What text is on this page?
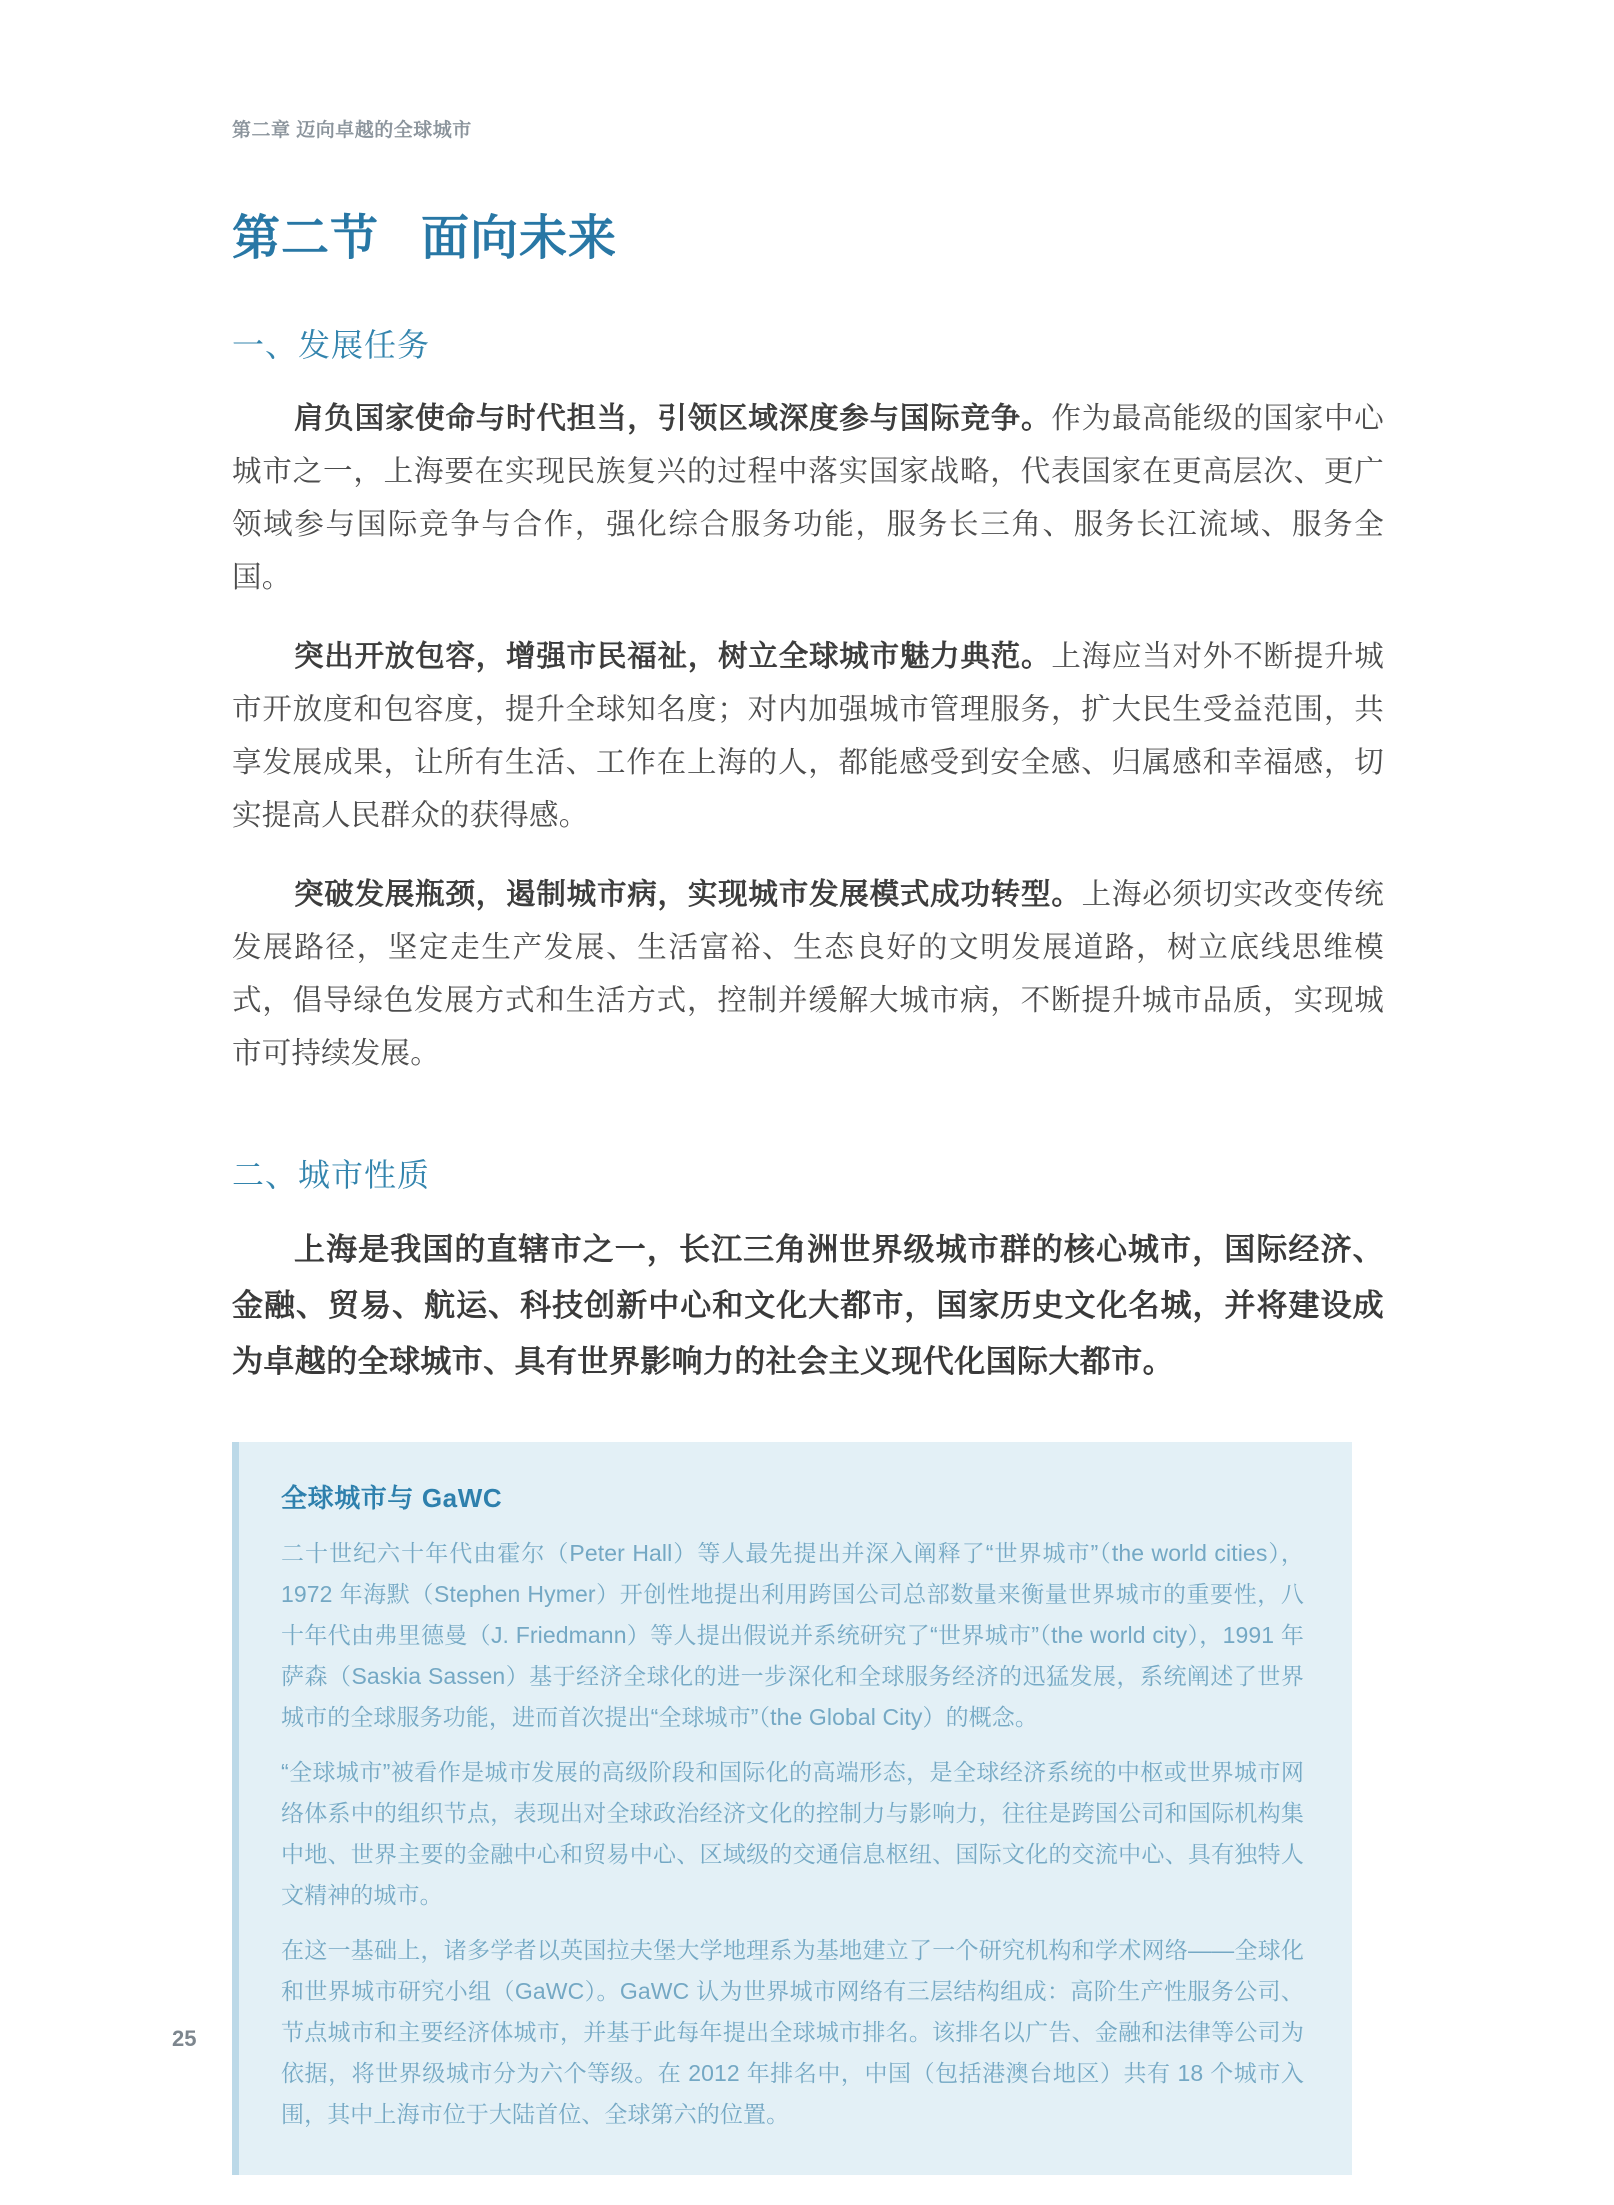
第二章 迈向卓越的全球城市
第二节 面向未来
一、发展任务

肩负国家使命与时代担当，引领区域深度参与国际竞争。作为最高能级的国家中心城市之一，上海要在实现民族复兴的过程中落实国家战略，代表国家在更高层次、更广领域参与国际竞争与合作，强化综合服务功能，服务长三角、服务长江流域、服务全国。

突出开放包容，增强市民福祉，树立全球城市魅力典范。上海应当对外不断提升城市开放度和包容度，提升全球知名度；对内加强城市管理服务，扩大民生受益范围，共享发展成果，让所有生活、工作在上海的人，都能感受到安全感、归属感和幸福感，切实提高人民群众的获得感。

突破发展瓶颈，遏制城市病，实现城市发展模式成功转型。上海必须切实改变传统发展路径，坚定走生产发展、生活富裕、生态良好的文明发展道路，树立底线思维模式，倡导绿色发展方式和生活方式，控制并缓解大城市病，不断提升城市品质，实现城市可持续发展。

二、城市性质

上海是我国的直辖市之一，长江三角洲世界级城市群的核心城市，国际经济、金融、贸易、航运、科技创新中心和文化大都市，国家历史文化名城，并将建设成为卓越的全球城市、具有世界影响力的社会主义现代化国际大都市。

全球城市与 GaWC

二十世纪六十年代由霍尔（Peter Hall）等人最先提出并深入阐释了“世界城市”（the world cities），1972 年海默（Stephen Hymer）开创性地提出利用跨国公司总部数量来衡量世界城市的重要性，八十年代由弗里德曼（J. Friedmann）等人提出假说并系统研究了“世界城市”（the world city），1991 年萨森（Saskia Sassen）基于经济全球化的进一步深化和全球服务经济的迅猛发展，系统阐述了世界城市的全球服务功能，进而首次提出“全球城市”（the Global City）的概念。

“全球城市”被看作是城市发展的高级阶段和国际化的高端形态，是全球经济系统的中枢或世界城市网络体系中的组织节点，表现出对全球政治经济文化的控制力与影响力，往往是跨国公司和国际机构集中地、世界主要的金融中心和贸易中心、区域级的交通信息枢纽、国际文化的交流中心、具有独特人文精神的城市。

在这一基础上，诸多学者以英国拉夫堡大学地理系为基地建立了一个研究机构和学术网络——全球化和世界城市研究小组（GaWC）。GaWC 认为世界城市网络有三层结构组成：高阶生产性服务公司、节点城市和主要经济体城市，并基于此每年提出全球城市排名。该排名以广告、金融和法律等公司为依据，将世界级城市分为六个等级。在 2012 年排名中，中国（包括港澳台地区）共有 18 个城市入围，其中上海市位于大陆首位、全球第六的位置。

25
